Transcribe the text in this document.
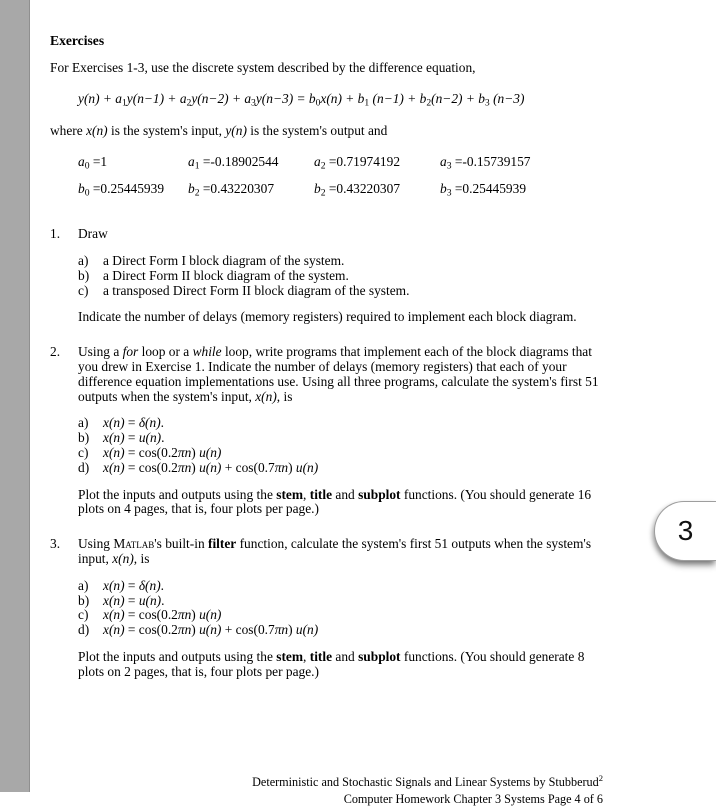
Exercises

For Exercises 1-3, use the discrete system described by the difference equation,

y(n) + a1y(n−1) + a2y(n−2) + a3y(n−3) = b0x(n) + b1 (n−1) + b2(n−2) + b3 (n−3)

where x(n) is the system's input, y(n) is the system's output and

a0 =1	a1 =-0.18902544	a2 =0.71974192	a3 =-0.15739157
b0 =0.25445939	b2 =0.43220307	b2 =0.43220307	b3 =0.25445939
1.	Draw

a)	a Direct Form I block diagram of the system.
b)	a Direct Form II block diagram of the system.
c)	a transposed Direct Form II block diagram of the system.

Indicate the number of delays (memory registers) required to implement each block diagram.

2.	Using a for loop or a while loop, write programs that implement each of the block diagrams that you drew in Exercise 1. Indicate the number of delays (memory registers) that each of your difference equation implementations use. Using all three programs, calculate the system's first 51 outputs when the system's input, x(n), is

a)	x(n) = δ(n).
b)	x(n) = u(n).
c)	x(n) = cos(0.2πn) u(n)
d)	x(n) = cos(0.2πn) u(n) + cos(0.7πn) u(n)

Plot the inputs and outputs using the stem, title and subplot functions. (You should generate 16 plots on 4 pages, that is, four plots per page.)

3.	Using Matlab's built-in filter function, calculate the system's first 51 outputs when the system's input, x(n), is

a)	x(n) = δ(n).
b)	x(n) = u(n).
c)	x(n) = cos(0.2πn) u(n)
d)	x(n) = cos(0.2πn) u(n) + cos(0.7πn) u(n)

Plot the inputs and outputs using the stem, title and subplot functions. (You should generate 8 plots on 2 pages, that is, four plots per page.)

Deterministic and Stochastic Signals and Linear Systems by Stubberud$^2$
Computer Homework Chapter 3 Systems Page 4 of 6
3
